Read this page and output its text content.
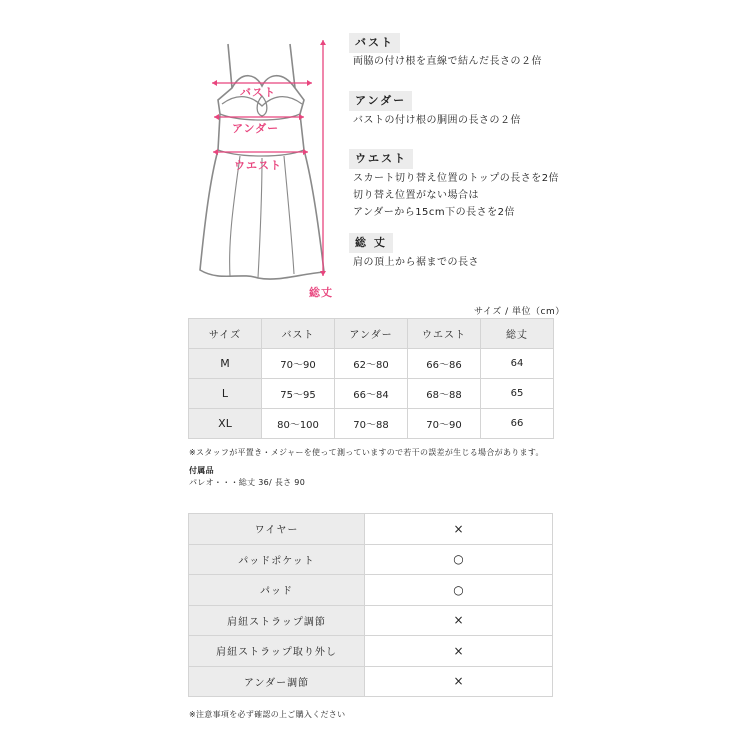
バスト
アンダー
ウエスト
総丈
バスト
両脇の付け根を直線で結んだ長さの２倍
アンダー
バストの付け根の胴囲の長さの２倍
ウエスト
スカート切り替え位置のトップの長さを2倍
切り替え位置がない場合は
アンダーから15cm下の長さを2倍
総 丈
肩の頂上から裾までの長さ
サイズ / 単位（cm）
サイズ	バスト	アンダー	ウエスト	総丈
M	70〜90	62〜80	66〜86	64
L	75〜95	66〜84	68〜88	65
XL	80〜100	70〜88	70〜90	66
※スタッフが平置き・メジャーを使って測っていますので若干の誤差が生じる場合があります。
付属品
パレオ・・・総丈 36/ 長さ 90
ワイヤー	×
パッドポケット	○
パッド	○
肩紐ストラップ調節	×
肩紐ストラップ取り外し	×
アンダー調節	×
※注意事項を必ず確認の上ご購入ください
